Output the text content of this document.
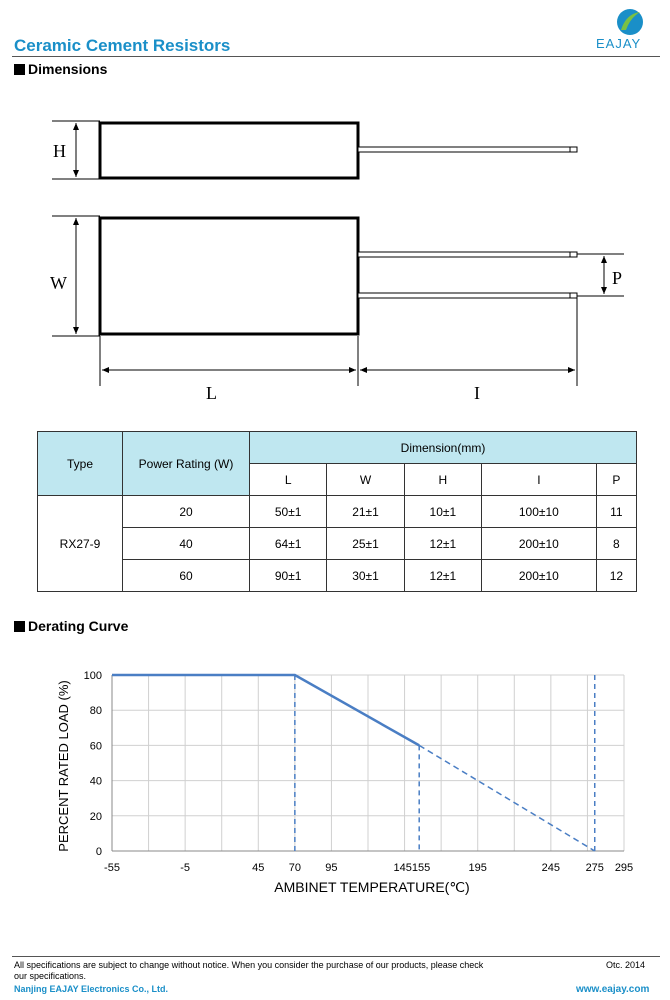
Ceramic Cement Resistors	EAJAY
Dimensions
H
W	P
L	I
Type	Power Rating (W)	Dimension(mm)				
		L	W	H	I	P
RX27-9	20	50±1	21±1	10±1	100±10	11
	40	64±1	25±1	12±1	200±10	8
	60	90±1	30±1	12±1	200±10	12
Derating Curve
-55	-5	45 70 95	145155	195	245 275 295
0
20
40
60
80
100
AMBINET TEMPERATURE(℃)
PERCENT RATED LOAD (%)
All specifications are subject to change without notice. When you consider the purchase of our products, please check our specifications.
Otc. 2014
Nanjing EAJAY Electronics Co., Ltd.	www.eajay.com
